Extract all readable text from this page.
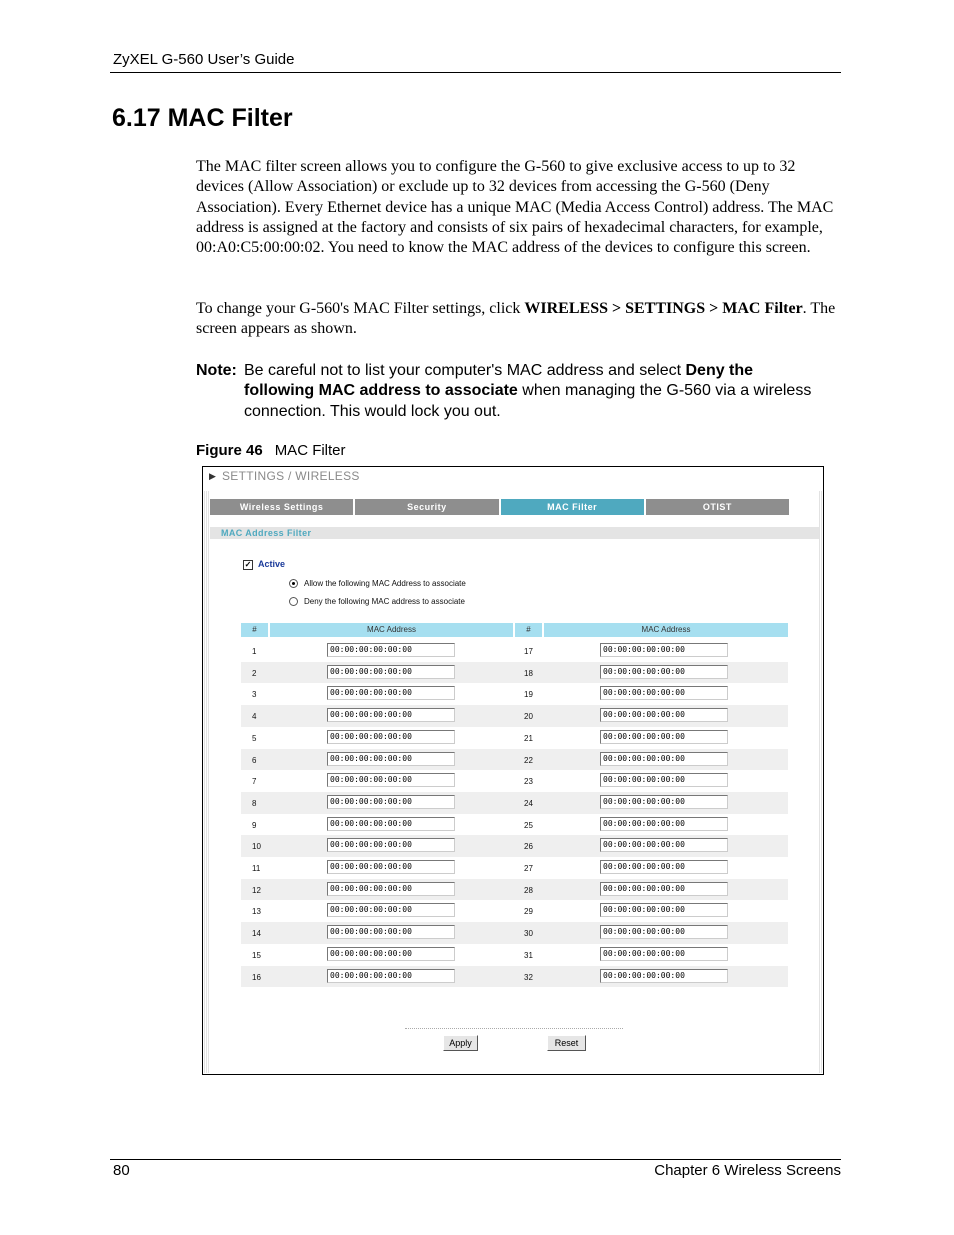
ZyXEL G-560 User’s Guide
6.17 MAC Filter
The MAC filter screen allows you to configure the G-560 to give exclusive access to up to 32 devices (Allow Association) or exclude up to 32 devices from accessing the G-560 (Deny Association). Every Ethernet device has a unique MAC (Media Access Control) address. The MAC address is assigned at the factory and consists of six pairs of hexadecimal characters, for example, 00:A0:C5:00:00:02. You need to know the MAC address of the devices to configure this screen.
To change your G-560's MAC Filter settings, click WIRELESS > SETTINGS > MAC Filter. The screen appears as shown.
Note: Be careful not to list your computer's MAC address and select Deny the following MAC address to associate when managing the G-560 via a wireless connection. This would lock you out.
Figure 46 MAC Filter
▶ SETTINGS / WIRELESS
Wireless Settings	Security	MAC Filter	OTIST
MAC Address Filter
✓ Active
Allow the following MAC Address to associate
Deny the following MAC address to associate
#	MAC Address	#	MAC Address
1	00:00:00:00:00:00	17	00:00:00:00:00:00
2	00:00:00:00:00:00	18	00:00:00:00:00:00
3	00:00:00:00:00:00	19	00:00:00:00:00:00
4	00:00:00:00:00:00	20	00:00:00:00:00:00
5	00:00:00:00:00:00	21	00:00:00:00:00:00
6	00:00:00:00:00:00	22	00:00:00:00:00:00
7	00:00:00:00:00:00	23	00:00:00:00:00:00
8	00:00:00:00:00:00	24	00:00:00:00:00:00
9	00:00:00:00:00:00	25	00:00:00:00:00:00
10	00:00:00:00:00:00	26	00:00:00:00:00:00
11	00:00:00:00:00:00	27	00:00:00:00:00:00
12	00:00:00:00:00:00	28	00:00:00:00:00:00
13	00:00:00:00:00:00	29	00:00:00:00:00:00
14	00:00:00:00:00:00	30	00:00:00:00:00:00
15	00:00:00:00:00:00	31	00:00:00:00:00:00
16	00:00:00:00:00:00	32	00:00:00:00:00:00
Apply	Reset
80	Chapter 6 Wireless Screens
